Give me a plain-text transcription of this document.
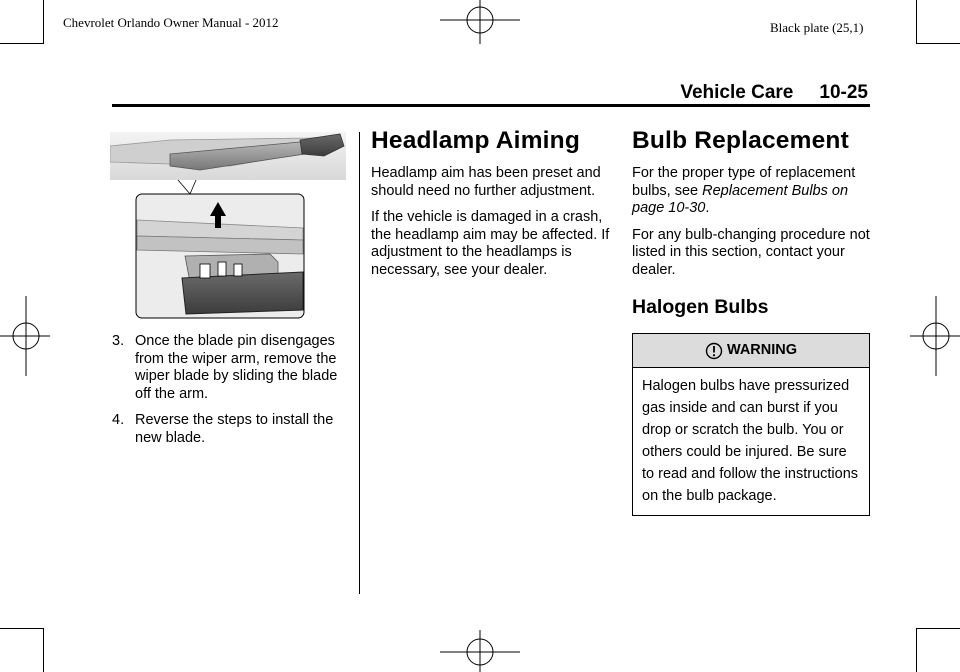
Chevrolet Orlando Owner Manual - 2012	Black plate (25,1)
Vehicle Care 10-25
3. Once the blade pin disengages from the wiper arm, remove the wiper blade by sliding the blade off the arm.
4. Reverse the steps to install the new blade.
Headlamp Aiming

Headlamp aim has been preset and should need no further adjustment.

If the vehicle is damaged in a crash, the headlamp aim may be affected. If adjustment to the headlamps is necessary, see your dealer.

Bulb Replacement

For the proper type of replacement bulbs, see Replacement Bulbs on page 10-30.

For any bulb-changing procedure not listed in this section, contact your dealer.

Halogen Bulbs
WARNING
Halogen bulbs have pressurized gas inside and can burst if you drop or scratch the bulb. You or others could be injured. Be sure to read and follow the instructions on the bulb package.
